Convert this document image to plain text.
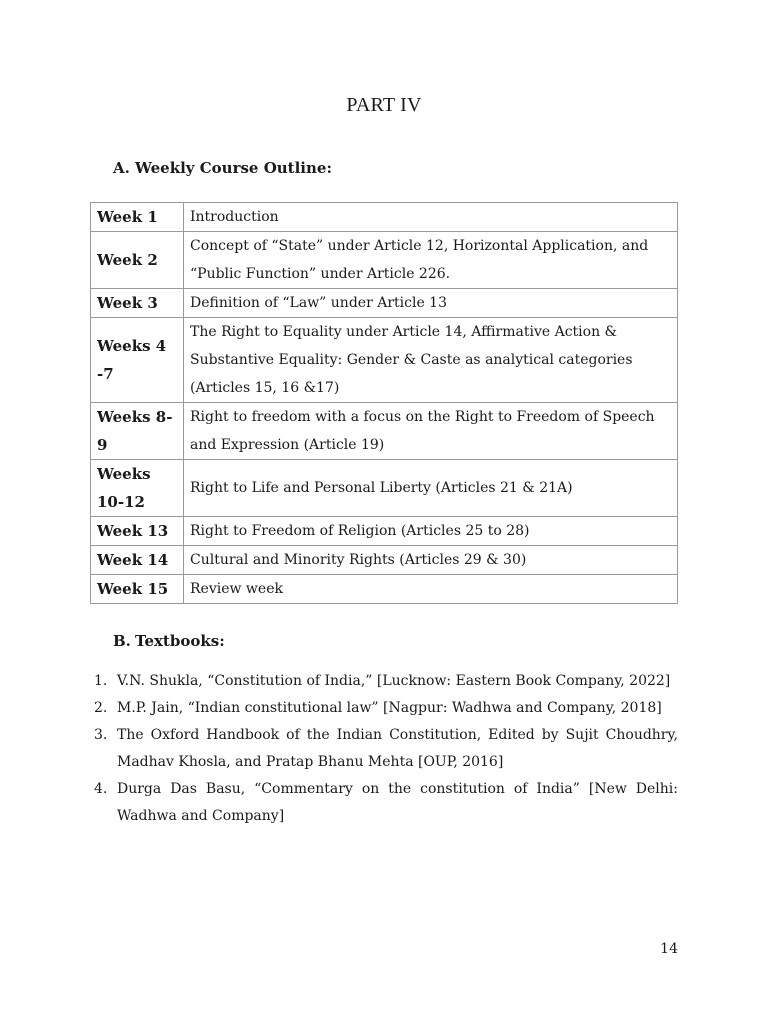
PART IV
A. Weekly Course Outline:
Week 1	Introduction
Week 2	Concept of “State” under Article 12, Horizontal Application, and “Public Function” under Article 226.
Week 3	Definition of “Law” under Article 13
Weeks 4 -7	The Right to Equality under Article 14, Affirmative Action & Substantive Equality: Gender & Caste as analytical categories (Articles 15, 16 &17)
Weeks 8-9	Right to freedom with a focus on the Right to Freedom of Speech and Expression (Article 19)
Weeks 10-12	Right to Life and Personal Liberty (Articles 21 & 21A)
Week 13	Right to Freedom of Religion (Articles 25 to 28)
Week 14	Cultural and Minority Rights (Articles 29 & 30)
Week 15	Review week
B. Textbooks:
1. V.N. Shukla, “Constitution of India,” [Lucknow: Eastern Book Company, 2022]
2. M.P. Jain, “Indian constitutional law” [Nagpur: Wadhwa and Company, 2018]
3. The Oxford Handbook of the Indian Constitution, Edited by Sujit Choudhry, Madhav Khosla, and Pratap Bhanu Mehta [OUP, 2016]
4. Durga Das Basu, “Commentary on the constitution of India” [New Delhi: Wadhwa and Company]
14
